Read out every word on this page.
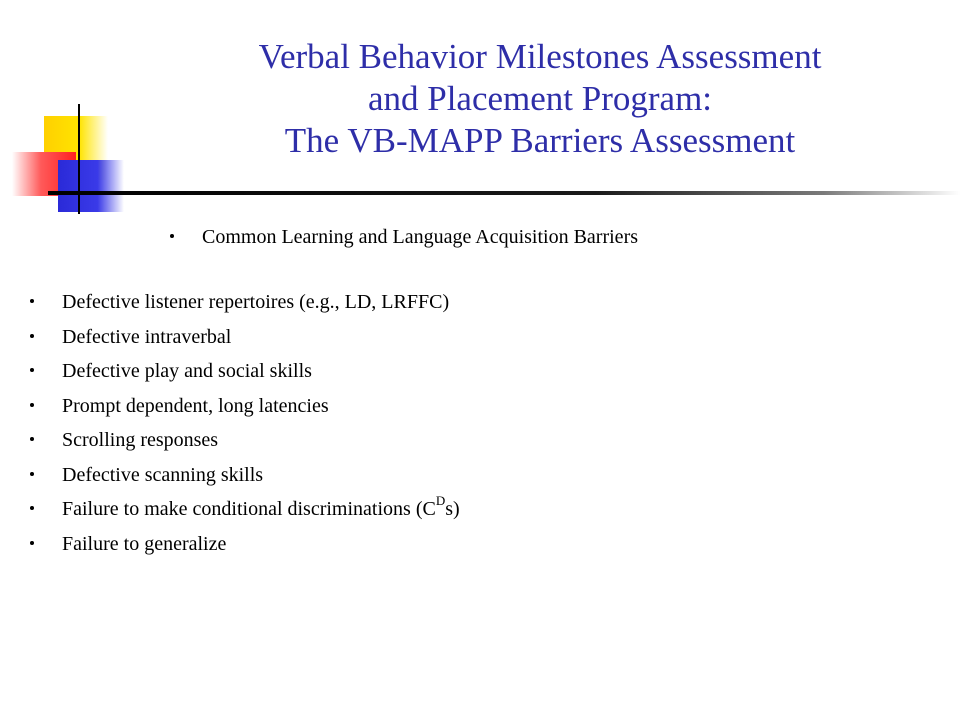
Verbal Behavior Milestones Assessment
and Placement Program:
The VB-MAPP Barriers Assessment
Common Learning and Language Acquisition Barriers
Defective listener repertoires (e.g., LD, LRFFC)
Defective intraverbal
Defective play and social skills
Prompt dependent, long latencies
Scrolling responses
Defective scanning skills
Failure to make conditional discriminations $(C^Ds)$
Failure to generalize
